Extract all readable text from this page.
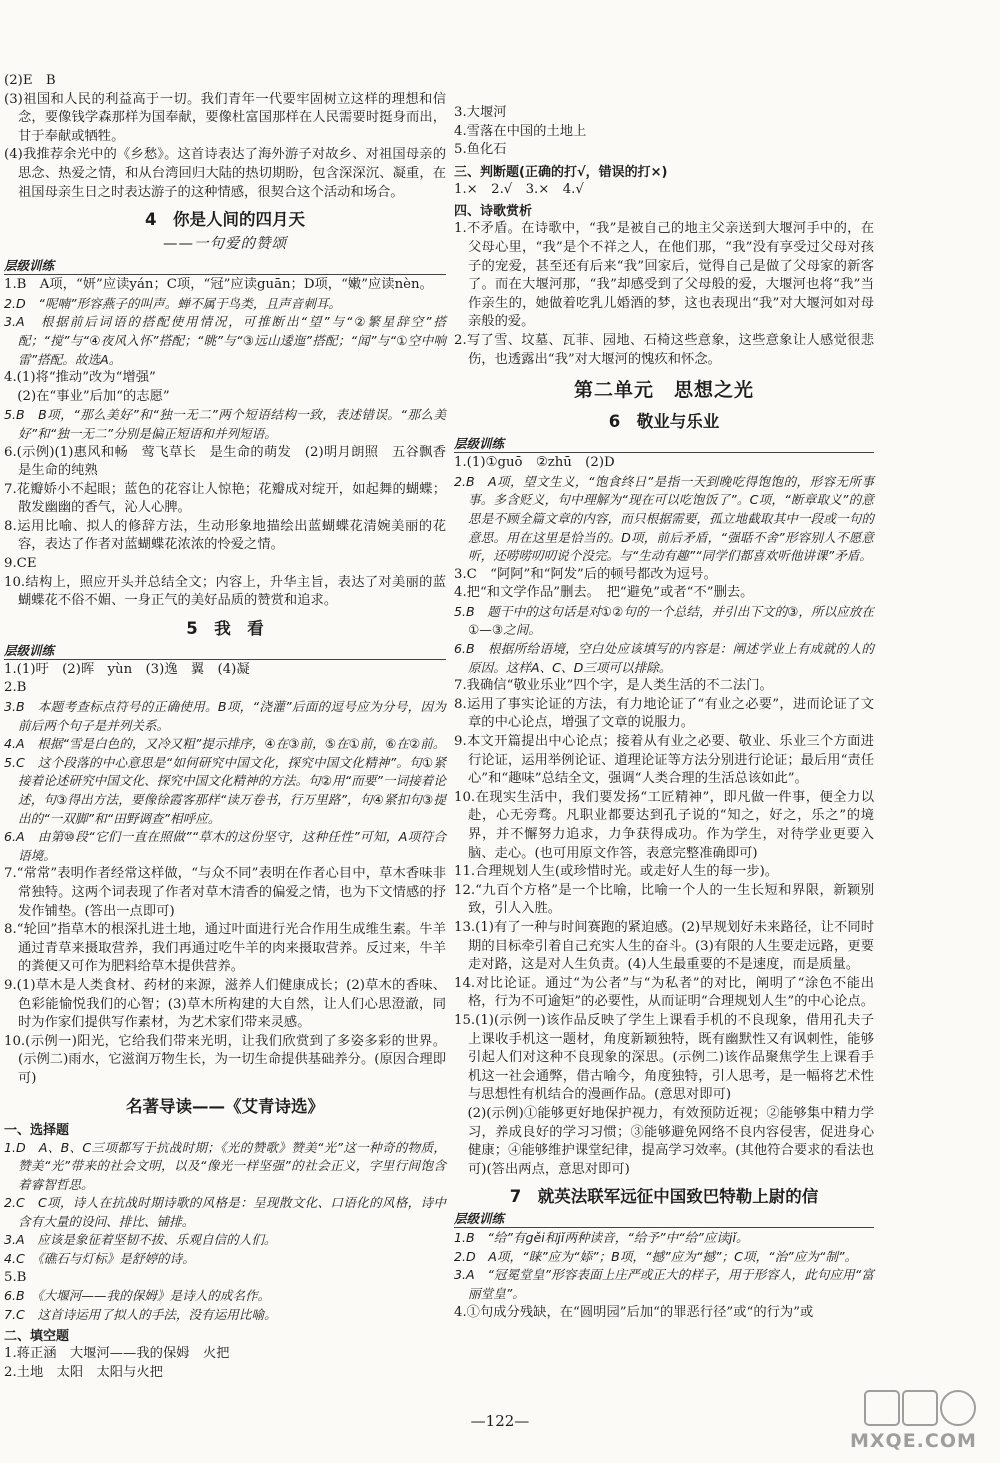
(2)E　B
(3)祖国和人民的利益高于一切。我们青年一代要牢固树立这样的理想和信念，要像钱学森那样为国奉献，要像杜富国那样在人民需要时挺身而出，甘于奉献或牺牲。
(4)我推荐余光中的《乡愁》。这首诗表达了海外游子对故乡、对祖国母亲的思念、热爱之情，和从台湾回归大陆的热切期盼，包含深深沉、凝重，在祖国母亲生日之时表达游子的这种情感，很契合这个活动和场合。
4　你是人间的四月天
——一句爱的赞颂
层级训练
1.B　A项，“妍”应读yán；C项，“冠”应读guān；D项，“嫩”应读nèn。
2.D　“呢喃”形容燕子的叫声。蝉不属于鸟类，且声音刺耳。
3.A　根据前后词语的搭配使用情况，可推断出“望”与“②繁星辞空”搭配；“搅”与“④夜风入怀”搭配；“眺”与“③远山逶迤”搭配；“闻”与“①空中响雷”搭配。故选A。
4.(1)将“推动”改为“增强”
　(2)在“事业”后加“的志愿”
5.B　B项，“那么美好”和“独一无二”两个短语结构一致，表述错误。“那么美好”和“独一无二”分别是偏正短语和并列短语。
6.(示例)(1)惠风和畅　莺飞草长　是生命的萌发　(2)明月朗照　五谷飘香　是生命的纯熟
7.花瓣娇小不起眼；蓝色的花容让人惊艳；花瓣成对绽开，如起舞的蝴蝶；散发幽幽的香气，沁人心脾。
8.运用比喻、拟人的修辞方法，生动形象地描绘出蓝蝴蝶花清婉美丽的花容，表达了作者对蓝蝴蝶花浓浓的怜爱之情。
9.CE
10.结构上，照应开头并总结全文；内容上，升华主旨，表达了对美丽的蓝蝴蝶花不俗不媚、一身正气的美好品质的赞赏和追求。
5　我　看
层级训练
1.(1)吁　(2)晖　yùn　(3)逸　翼　(4)凝
2.B
3.B　本题考查标点符号的正确使用。B项，“浇灌”后面的逗号应为分号，因为前后两个句子是并列关系。
4.A　根据“雪是白色的，又冷又粗”提示排序，④在③前，⑤在①前，⑥在②前。
5.C　这个段落的中心意思是“如何研究中国文化，探究中国文化精神”。句①紧接着论述研究中国文化、探究中国文化精神的方法。句②用“而要”一词接着论述，句③得出方法，要像徐霞客那样“读万卷书，行万里路”，句④紧扣句③提出的“一双脚”和“田野调查”相呼应。
6.A　由第⑩段“它们一直在照做”“草木的这份坚守，这种任性”可知，A项符合语境。
7.“常常”表明作者经常这样做，“与众不同”表明在作者心目中，草木香味非常独特。这两个词表现了作者对草木清香的偏爱之情，也为下文情感的抒发作铺垫。(答出一点即可)
8.“轮回”指草木的根深扎进土地，通过叶面进行光合作用生成维生素。牛羊通过青草来摄取营养，我们再通过吃牛羊的肉来摄取营养。反过来，牛羊的粪便又可作为肥料给草木提供营养。
9.(1)草木是人类食材、药材的来源，滋养人们健康成长；(2)草木的香味、色彩能愉悦我们的心智；(3)草木所构建的大自然，让人们心思澄澈，同时为作家们提供写作素材，为艺术家们带来灵感。
10.(示例一)阳光，它给我们带来光明，让我们欣赏到了多姿多彩的世界。(示例二)雨水，它滋润万物生长，为一切生命提供基础养分。(原因合理即可)
名著导读——《艾青诗选》
一、选择题
1.D　A、B、C三项都写于抗战时期；《光的赞歌》赞美“光”这一种奇的物质，赞美“光”带来的社会文明，以及“像光一样坚强”的社会正义，字里行间饱含着睿智哲思。
2.C　C项，诗人在抗战时期诗歌的风格是：呈现散文化、口语化的风格，诗中含有大量的设问、排比、铺排。
3.A　应该是象征着坚韧不拔、乐观自信的人们。
4.C　《礁石与灯标》是舒婷的诗。
5.B
6.B　《大堰河——我的保姆》是诗人的成名作。
7.C　这首诗运用了拟人的手法，没有运用比喻。
二、填空题
1.蒋正涵　大堰河——我的保姆　火把
2.土地　太阳　太阳与火把
3.大堰河
4.雪落在中国的土地上
5.鱼化石
三、判断题(正确的打√，错误的打×)
1.×　2.√　3.×　4.√
四、诗歌赏析
1.不矛盾。在诗歌中，“我”是被自己的地主父亲送到大堰河手中的，在父母心里，“我”是个不祥之人，在他们那，“我”没有享受过父母对孩子的宠爱，甚至还有后来“我”回家后，觉得自己是做了父母家的新客了。而在大堰河那，“我”却感受到了父母般的爱，大堰河也将“我”当作亲生的，她做着吃乳儿婚酒的梦，这也表现出“我”对大堰河如对母亲般的爱。
2.写了雪、坟墓、瓦菲、园地、石椅这些意象，这些意象让人感觉很悲伤，也透露出“我”对大堰河的愧疚和怀念。
第二单元　思想之光
6　敬业与乐业
层级训练
1.(1)①guō　②zhū　(2)D
2.B　A项，望文生义，“饱食终日”是指一天到晚吃得饱饱的，形容无所事事。多含贬义，句中理解为“现在可以吃饱饭了”。C项，“断章取义”的意思是不顾全篇文章的内容，而只根据需要，孤立地截取其中一段或一句的意思。用在这里是恰当的。D项，前后矛盾，“强聒不舍”形容别人不愿意听，还唠唠叨叨说个没完。与“生动有趣”“同学们都喜欢听他讲课”矛盾。
3.C　“阿阿”和“阿发”后的顿号都改为逗号。
4.把“和文学作品”删去。　把“避免”或者“不”删去。
5.B　题干中的这句话是对①②句的一个总结，并引出下文的③，所以应放在①—③之间。
6.B　根据所给语境，空白处应该填写的内容是：阐述学业上有成就的人的原因。这样A、C、D三项可以排除。
7.我确信“敬业乐业”四个字，是人类生活的不二法门。
8.运用了事实论证的方法，有力地论证了“有业之必要”，进而论证了文章的中心论点，增强了文章的说服力。
9.本文开篇提出中心论点；接着从有业之必要、敬业、乐业三个方面进行论证，运用举例论证、道理论证等方法分别进行论证；最后用“责任心”和“趣味”总结全文，强调“人类合理的生活总该如此”。
10.在现实生活中，我们要发扬“工匠精神”，即凡做一件事，便全力以赴，心无旁骛。凡职业都要达到孔子说的“知之，好之，乐之”的境界，并不懈努力追求，力争获得成功。作为学生，对待学业更要入脑、走心。(也可用原文作答，表意完整准确即可)
11.合理规划人生(或珍惜时光。或走好人生的每一步)。
12.“九百个方格”是一个比喻，比喻一个人的一生长短和界限，新颖别致，引人入胜。
13.(1)有了一种与时间赛跑的紧迫感。(2)早规划好未来路径，让不同时期的目标牵引着自己充实人生的奋斗。(3)有限的人生要走远路，更要走对路，这是对人生负责。(4)人生最重要的不是速度，而是质量。
14.对比论证。通过“为公者”与“为私者”的对比，阐明了“涂色不能出格，行为不可逾矩”的必要性，从而证明“合理规划人生”的中心论点。
15.(1)(示例一)该作品反映了学生上课看手机的不良现象，借用孔夫子上课收手机这一题材，角度新颖独特，既有幽默性又有讽刺性，能够引起人们对这种不良现象的深思。(示例二)该作品聚焦学生上课看手机这一社会通弊，借古喻今，角度独特，引人思考，是一幅将艺术性与思想性有机结合的漫画作品。(意思对即可)
　(2)(示例)①能够更好地保护视力，有效预防近视；②能够集中精力学习，养成良好的学习习惯；③能够避免网络不良内容侵害，促进身心健康；④能够维护课堂纪律，提高学习效率。(其他符合要求的看法也可)(答出两点，意思对即可)
7　就英法联军远征中国致巴特勒上尉的信
层级训练
1.B　“给”有gěi和jǐ两种读音，“给予”中“给”应读jǐ。
2.D　A项，“睐”应为“婖”；B项，“撼”应为“撼”；C项，“治”应为“制”。
3.A　“冠冕堂皇”形容表面上庄严或正大的样子，用于形容人，此句应用“富丽堂皇”。
4.①句成分残缺，在“圆明园”后加“的罪恶行径”或“的行为”或
—122—
MXQE.COM
